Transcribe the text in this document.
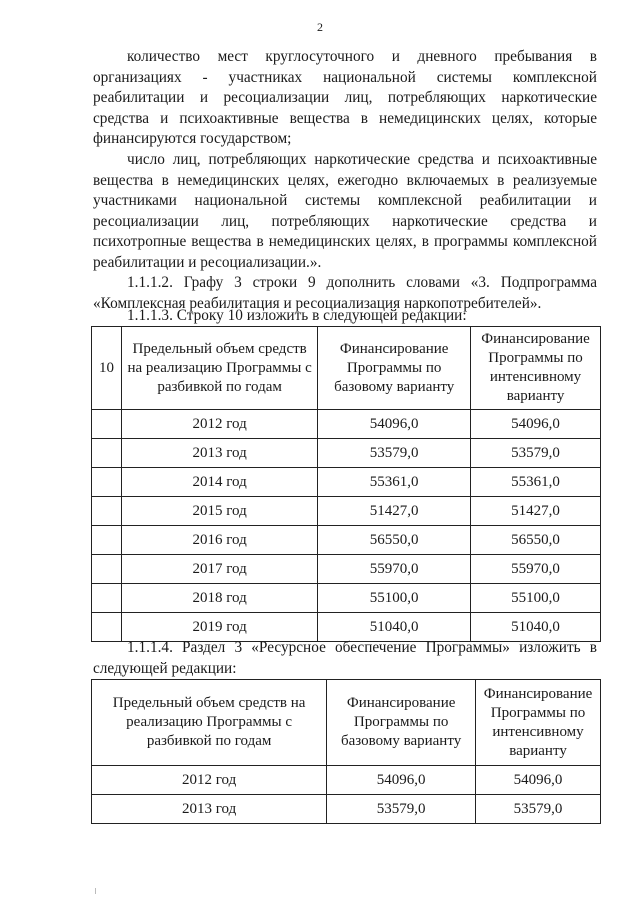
2

количество мест круглосуточного и дневного пребывания в организациях - участниках национальной системы комплексной реабилитации и ресоциализации лиц, потребляющих наркотические средства и психоактивные вещества в немедицинских целях, которые финансируются государством;

число лиц, потребляющих наркотические средства и психоактивные вещества в немедицинских целях, ежегодно включаемых в реализуемые участниками национальной системы комплексной реабилитации и ресоциализации лиц, потребляющих наркотические средства и психотропные вещества в немедицинских целях, в программы комплексной реабилитации и ресоциализации.».

1.1.1.2. Графу 3 строки 9 дополнить словами «3. Подпрограмма «Комплексная реабилитация и ресоциализация наркопотребителей».

1.1.1.3. Строку 10 изложить в следующей редакции:

10	Предельный объем средств на реализацию Программы с разбивкой по годам	Финансирование Программы по базовому варианту	Финансирование Программы по интенсивному варианту
	2012 год	54096,0	54096,0
	2013 год	53579,0	53579,0
	2014 год	55361,0	55361,0
	2015 год	51427,0	51427,0
	2016 год	56550,0	56550,0
	2017 год	55970,0	55970,0
	2018 год	55100,0	55100,0
	2019 год	51040,0	51040,0

1.1.1.4. Раздел 3 «Ресурсное обеспечение Программы» изложить в следующей редакции:

Предельный объем средств на реализацию Программы с разбивкой по годам	Финансирование Программы по базовому варианту	Финансирование Программы по интенсивному варианту
2012 год	54096,0	54096,0
2013 год	53579,0	53579,0
